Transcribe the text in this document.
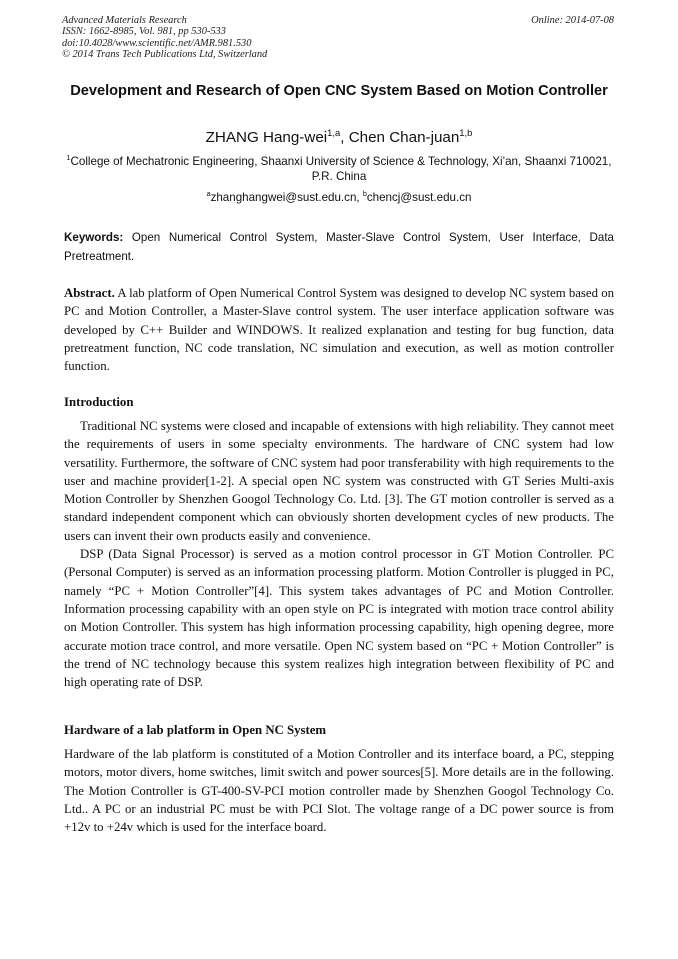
Advanced Materials Research
ISSN: 1662-8985, Vol. 981, pp 530-533
doi:10.4028/www.scientific.net/AMR.981.530
© 2014 Trans Tech Publications Ltd, Switzerland
Online: 2014-07-08
Development and Research of Open CNC System Based on Motion Controller
ZHANG Hang-wei$^{1,a}$, Chen Chan-juan$^{1,b}$
$^1$College of Mechatronic Engineering, Shaanxi University of Science & Technology, Xi’an, Shaanxi 710021, P.R. China
$^a$zhanghangwei@sust.edu.cn, $^b$chencj@sust.edu.cn
Keywords: Open Numerical Control System, Master-Slave Control System, User Interface, Data Pretreatment.
Abstract. A lab platform of Open Numerical Control System was designed to develop NC system based on PC and Motion Controller, a Master-Slave control system. The user interface application software was developed by C++ Builder and WINDOWS. It realized explanation and testing for bug function, data pretreatment function, NC code translation, NC simulation and execution, as well as motion controller function.
Introduction

Traditional NC systems were closed and incapable of extensions with high reliability. They cannot meet the requirements of users in some specialty environments. The hardware of CNC system had low versatility. Furthermore, the software of CNC system had poor transferability with high requirements to the user and machine provider[1-2]. A special open NC system was constructed with GT Series Multi-axis Motion Controller by Shenzhen Googol Technology Co. Ltd. [3]. The GT motion controller is served as a standard independent component which can obviously shorten development cycles of new products. The users can invent their own products easily and convenience.

DSP (Data Signal Processor) is served as a motion control processor in GT Motion Controller. PC (Personal Computer) is served as an information processing platform. Motion Controller is plugged in PC, namely “PC + Motion Controller”[4]. This system takes advantages of PC and Motion Controller. Information processing capability with an open style on PC is integrated with motion trace control ability on Motion Controller. This system has high information processing capability, high opening degree, more accurate motion trace control, and more versatile. Open NC system based on “PC + Motion Controller” is the trend of NC technology because this system realizes high integration between flexibility of PC and high operating rate of DSP.

Hardware of a lab platform in Open NC System

Hardware of the lab platform is constituted of a Motion Controller and its interface board, a PC, stepping motors, motor divers, home switches, limit switch and power sources[5]. More details are in the following. The Motion Controller is GT-400-SV-PCI motion controller made by Shenzhen Googol Technology Co. Ltd.. A PC or an industrial PC must be with PCI Slot. The voltage range of a DC power source is from +12v to +24v which is used for the interface board.
